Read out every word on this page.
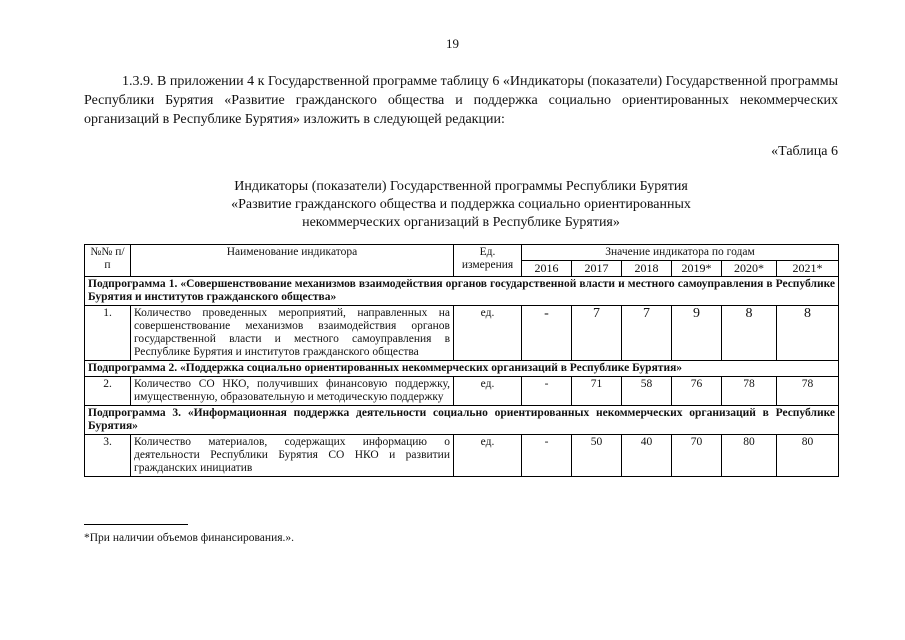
19

1.3.9. В приложении 4 к Государственной программе таблицу 6 «Индикаторы (показатели) Государственной программы Республики Бурятия «Развитие гражданского общества и поддержка социально ориентированных некоммерческих организаций в Республике Бурятия» изложить в следующей редакции:

«Таблица 6
Индикаторы (показатели) Государственной программы Республики Бурятия
«Развитие гражданского общества и поддержка социально ориентированных
некоммерческих организаций в Республике Бурятия»
№№ п/п	Наименование индикатора	Ед. измерения	Значение индикатора по годам					
			2016	2017	2018	2019*	2020*	2021*
Подпрограмма 1. «Совершенствование механизмов взаимодействия органов государственной власти и местного самоуправления в Республике Бурятия и институтов гражданского общества»								
1.	Количество проведенных мероприятий, направленных на совершенствование механизмов взаимодействия органов государственной власти и местного самоуправления в Республике Бурятия и институтов гражданского общества	ед.	-	7	7	9	8	8
Подпрограмма 2. «Поддержка социально ориентированных некоммерческих организаций в Республике Бурятия»								
2.	Количество СО НКО, получивших финансовую поддержку, имущественную, образовательную и методическую поддержку	ед.	-	71	58	76	78	78
Подпрограмма 3. «Информационная поддержка деятельности социально ориентированных некоммерческих организаций в Республике Бурятия»								
3.	Количество материалов, содержащих информацию о деятельности Республики Бурятия СО НКО и развитии гражданских инициатив	ед.	-	50	40	70	80	80
*При наличии объемов финансирования.».
